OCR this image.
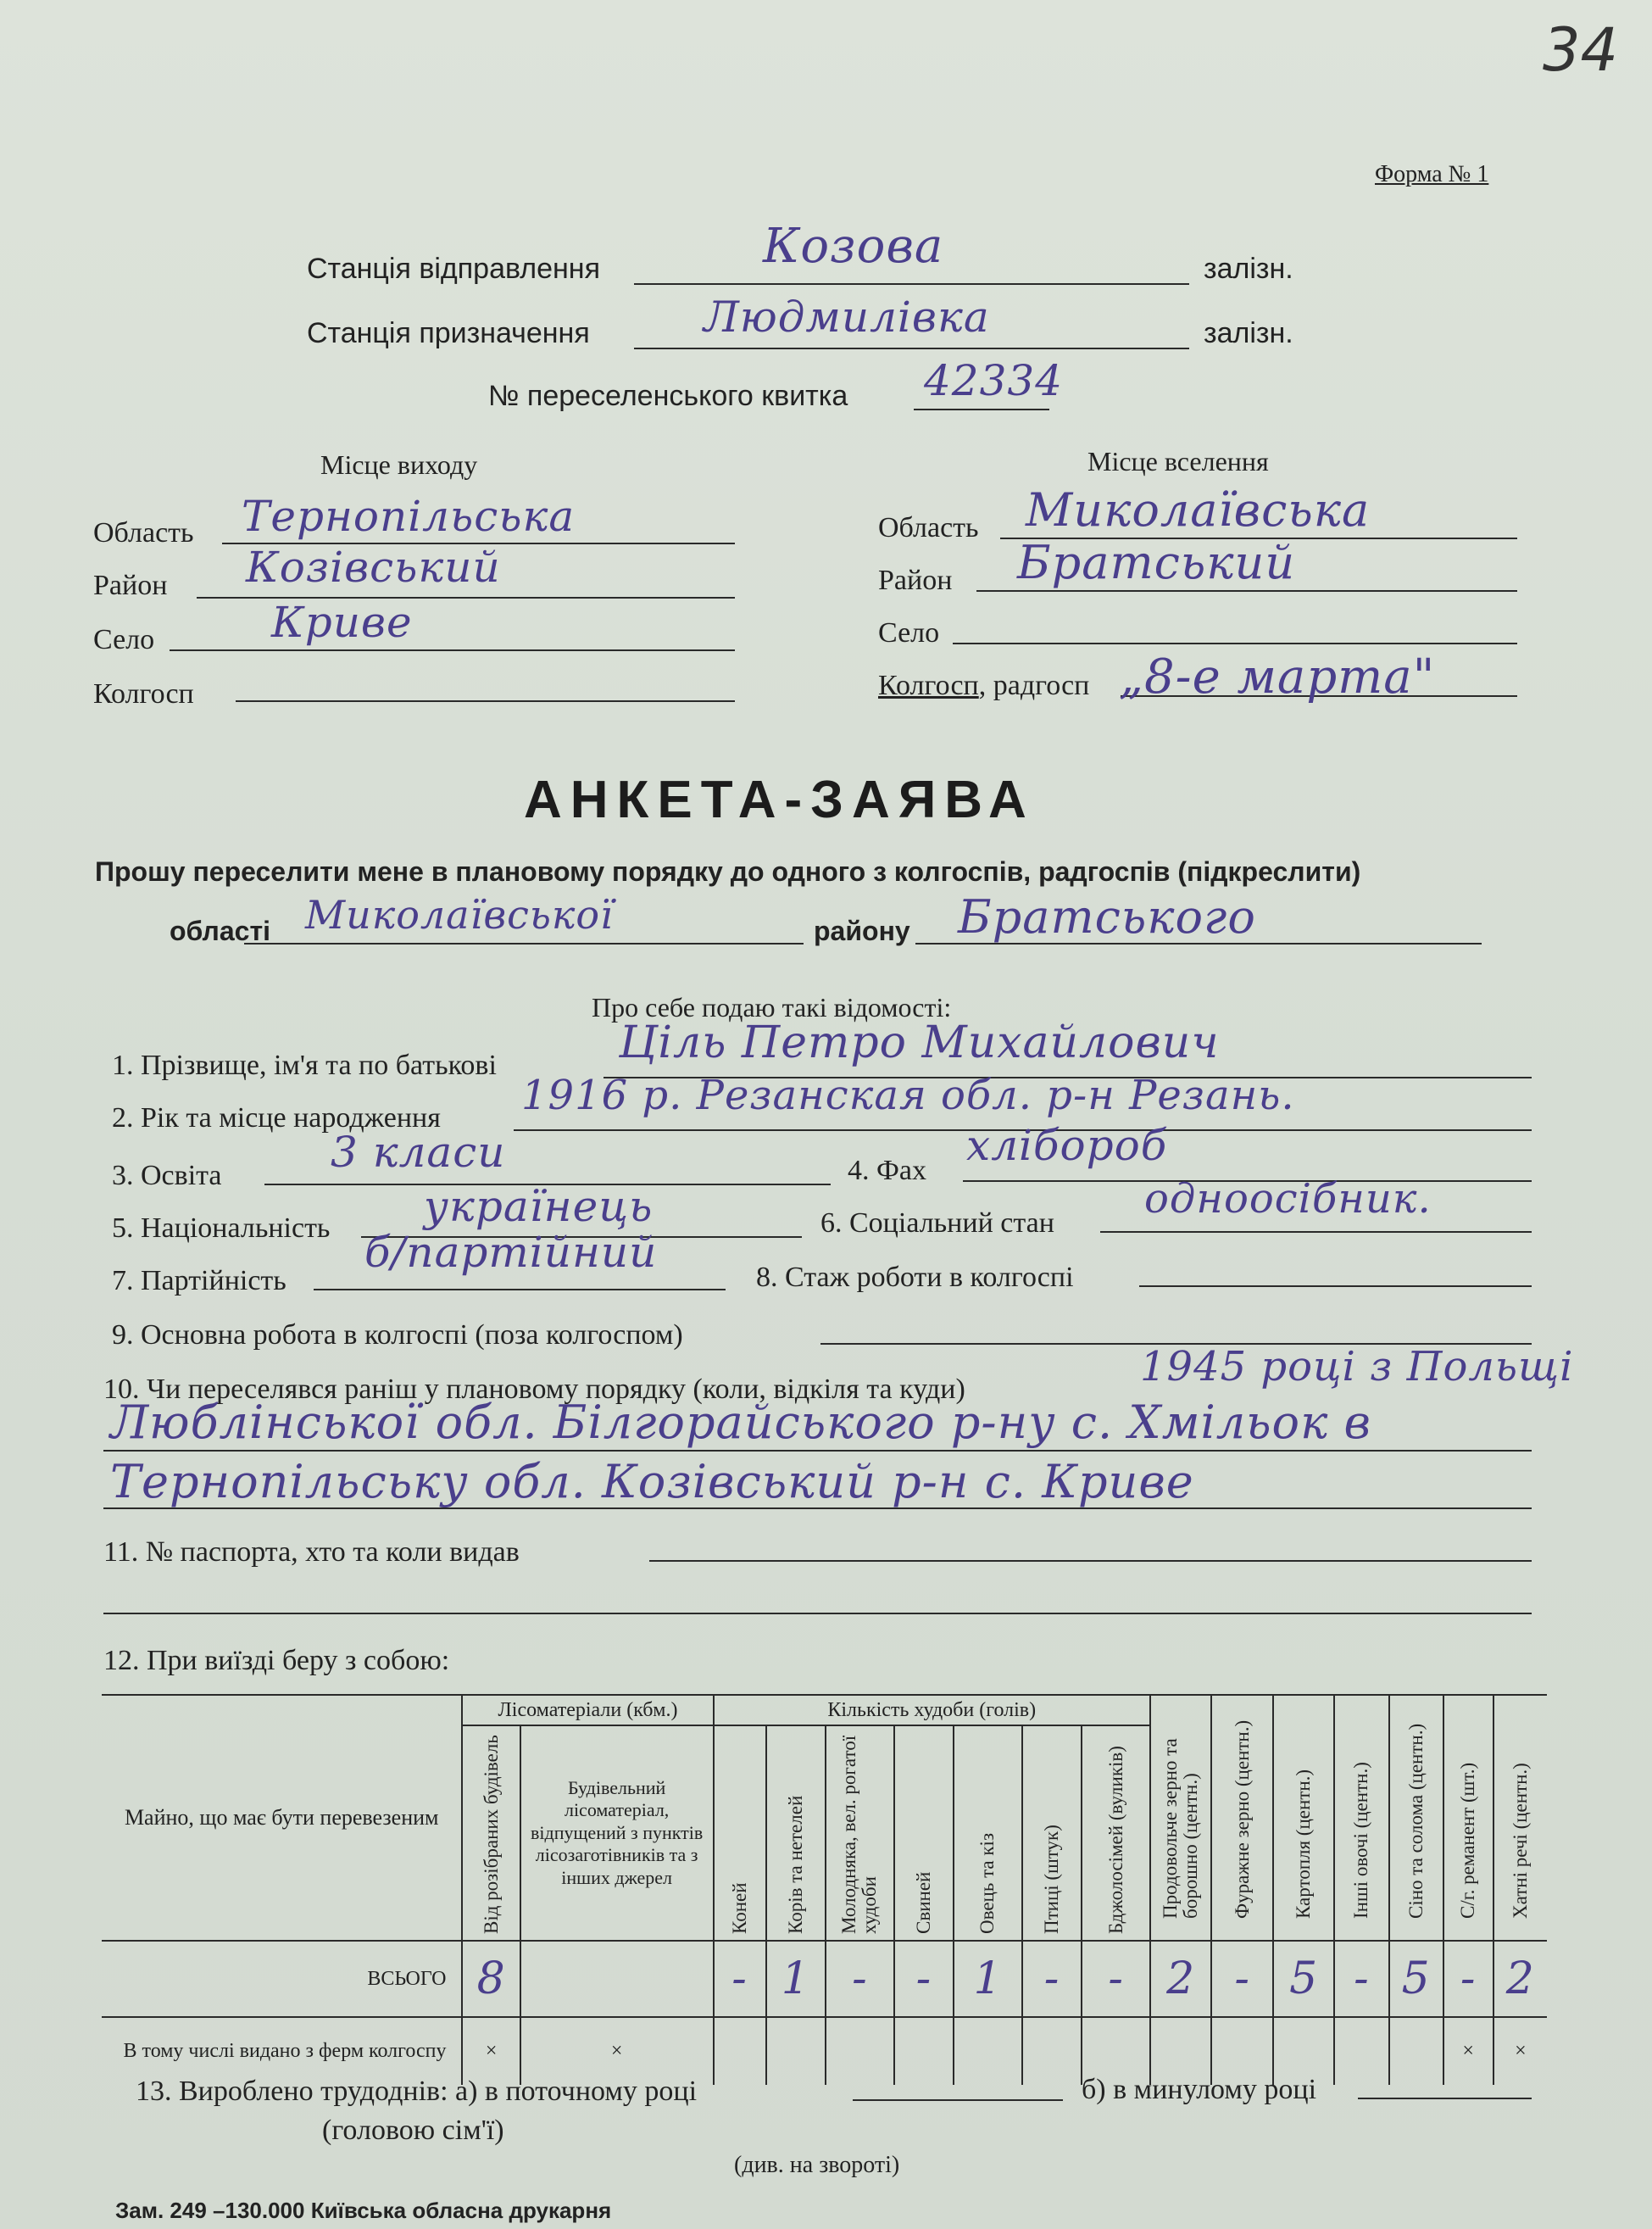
34
Форма № 1
Станція відправлення	Козова	залізн.
Станція призначення	Людмилівка	залізн.
№ переселенського квитка 42334
Місце виходу
Область Тернопільська
Район Козівський
Село	Криве
Колгосп
Місце вселення
Область Миколаївська
Район Братський
Село
Колгосп, радгосп „8-е марта"
АНКЕТА-ЗАЯВА
Прошу переселити мене в плановому порядку до одного з колгоспів, радгоспів (підкреслити)
області Миколаївської	району Братського
Про себе подаю такі відомості:
1. Прізвище, ім'я та по батькові	Ціль Петро Михайлович
2. Рік та місце народження 1916 р. Резанская обл. р-н Резань.
3. Освіта	3 класи	4. Фах
хлібороб
5. Національність українець	6. Соціальний стан
одноосібник.
7. Партійність
б/партійний
8. Стаж роботи в колгоспі
9. Основна робота в колгоспі (поза колгоспом)
10. Чи переселявся раніш у плановому порядку (коли, відкіля та куди)	1945 році з Польщі
Люблінської обл. Білгорайського р-ну с. Хмільок в
Тернопільську обл. Козівський р-н с. Криве
11. № паспорта, хто та коли видав
12. При виїзді беру з собою:
Майно, що має бути перевезеним	Лісоматеріали (кбм.)		Кількість худоби (голів)							Продовольче зерно та борошно (центн.)	Фуражне зерно (центн.)	Картопля (центн.)	Інші овочі (центн.)	Сіно та солома (центн.)	С/г. реманент (шт.)	Хатні речі (центн.)
	Від розібраних будівель	Будівельний лісоматеріал, відпущений з пунктів лісозаготівників та з інших джерел	Коней	Корів та нетелей	Молодняка, вел. рогатої худоби	Свиней	Овець та кіз	Птиці (штук)	Бджолосімей (вуликів)							
ВСЬОГО	8		-	1	-	-	1	-	-	2	-	5	-	5	-	2
В тому числі видано з ферм колгоспу	×	×													×	×
13. Вироблено трудоднів: а) в поточному році	б) в минулому році
(головою сім'ї)
(див. на звороті)
Зам. 249 –130.000 Київська обласна друкарня
